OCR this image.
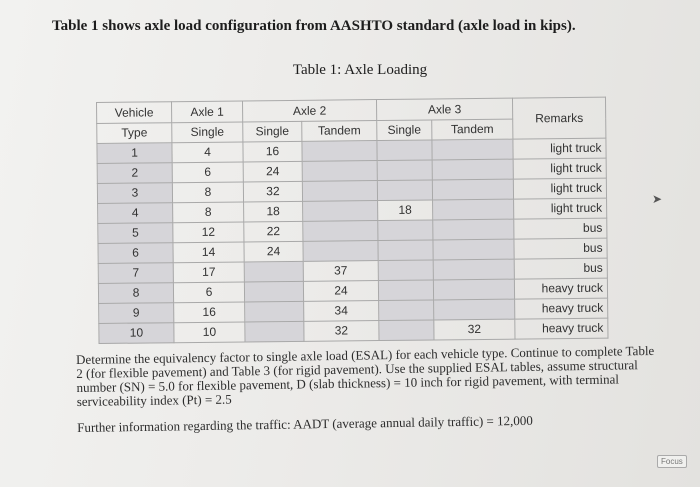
Table 1 shows axle load configuration from AASHTO standard (axle load in kips).
Table 1: Axle Loading
Vehicle	Axle 1	Axle 2		Axle 3		Remarks
Type	Single	Single	Tandem	Single	Tandem	
1	4	16				light truck
2	6	24				light truck
3	8	32				light truck
4	8	18		18		light truck
5	12	22				bus
6	14	24				bus
7	17		37			bus
8	6		24			heavy truck
9	16		34			heavy truck
10	10		32		32	heavy truck

Determine the equivalency factor to single axle load (ESAL) for each vehicle type. Continue to complete Table 2 (for flexible pavement) and Table 3 (for rigid pavement). Use the supplied ESAL tables, assume structural number (SN) = 5.0 for flexible pavement, D (slab thickness) = 10 inch for rigid pavement, with terminal serviceability index (Pt) = 2.5

Further information regarding the traffic: AADT (average annual daily traffic) = 12,000

➤
Focus
